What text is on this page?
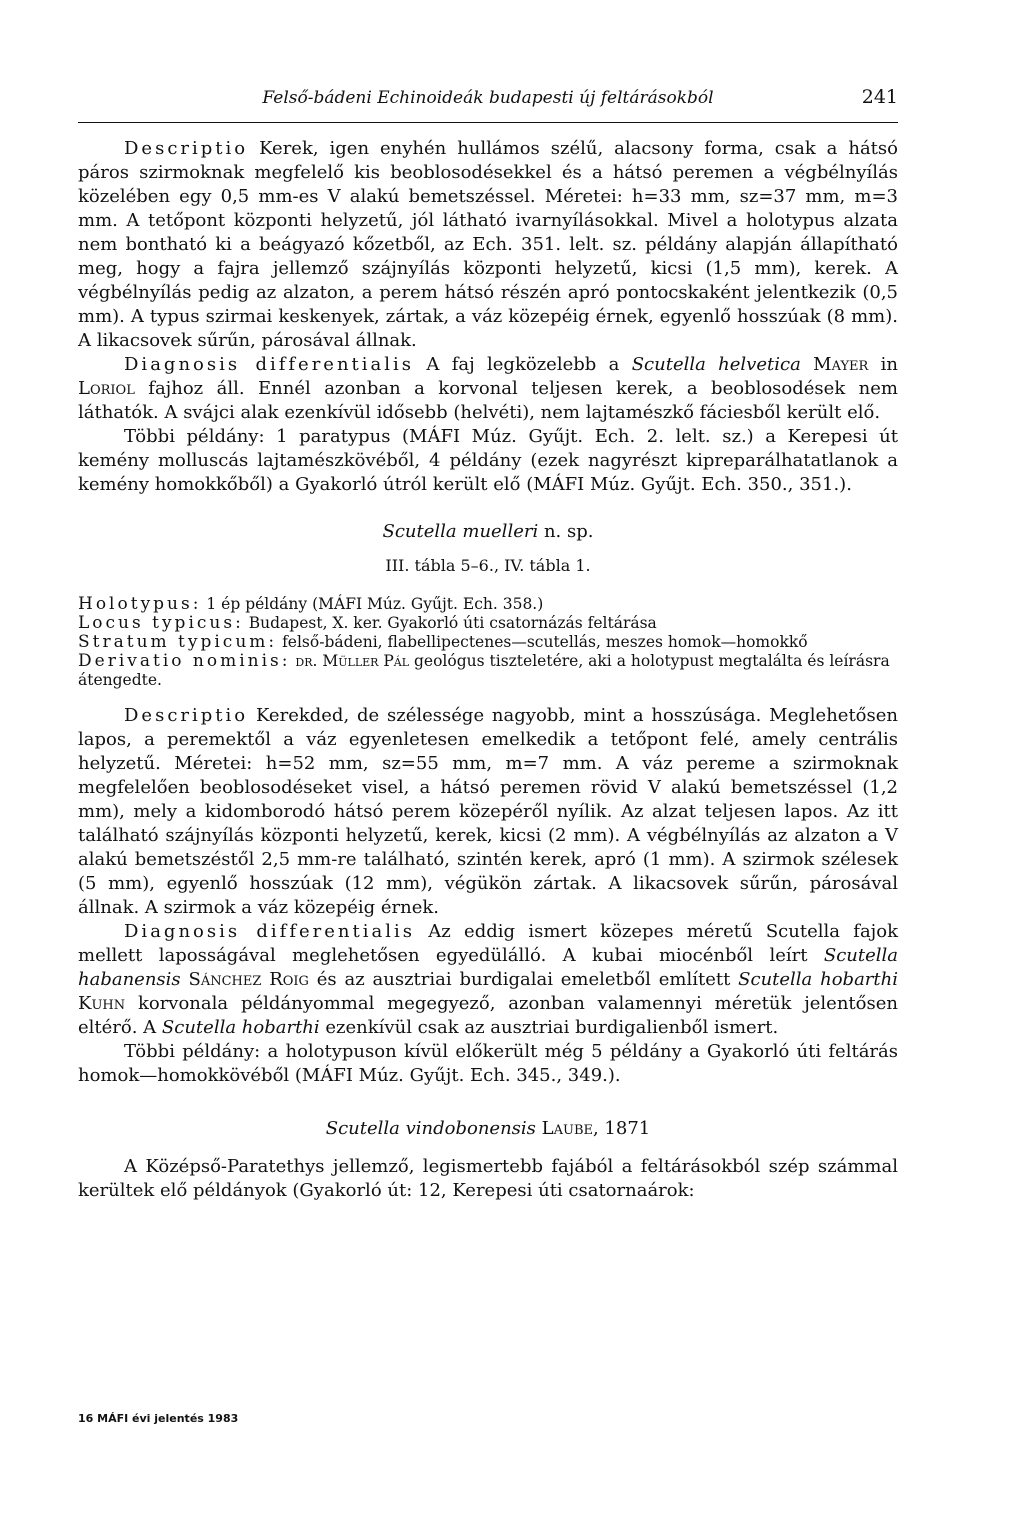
Felső-bádeni Echinoideák budapesti új feltárásokból	241

Descriptio Kerek, igen enyhén hullámos szélű, alacsony forma, csak a hátsó páros szirmoknak megfelelő kis beoblosodésekkel és a hátsó peremen a végbélnyílás közelében egy 0,5 mm-es V alakú bemetszéssel. Méretei: h=33 mm, sz=37 mm, m=3 mm. A tetőpont központi helyzetű, jól látható ivarnyílásokkal. Mivel a holotypus alzata nem bontható ki a beágyazó kőzetből, az Ech. 351. lelt. sz. példány alapján állapítható meg, hogy a fajra jellemző szájnyílás központi helyzetű, kicsi (1,5 mm), kerek. A végbélnyílás pedig az alzaton, a perem hátsó részén apró pontocskaként jelentkezik (0,5 mm). A typus szirmai keskenyek, zártak, a váz közepéig érnek, egyenlő hosszúak (8 mm). A likacsovek sűrűn, párosával állnak.

Diagnosis differentialis A faj legközelebb a Scutella helvetica Mayer in Loriol fajhoz áll. Ennél azonban a korvonal teljesen kerek, a beoblosodések nem láthatók. A svájci alak ezenkívül idősebb (helvéti), nem lajtamészkő fáciesből került elő.

Többi példány: 1 paratypus (MÁFI Múz. Gyűjt. Ech. 2. lelt. sz.) a Kerepesi út kemény molluscás lajtamészkövéből, 4 példány (ezek nagyrészt kipreparálhatatlanok a kemény homokkőből) a Gyakorló útról került elő (MÁFI Múz. Gyűjt. Ech. 350., 351.).

Scutella muelleri n. sp.
III. tábla 5–6., IV. tábla 1.

Holotypus: 1 ép példány (MÁFI Múz. Gyűjt. Ech. 358.)

Locus typicus: Budapest, X. ker. Gyakorló úti csatornázás feltárása

Stratum typicum: felső-bádeni, flabellipectenes—scutellás, meszes homok—homokkő

Derivatio nominis: dr. Müller Pál geológus tiszteletére, aki a holotypust megtalálta és leírásra átengedte.

Descriptio Kerekded, de szélessége nagyobb, mint a hosszúsága. Meglehetősen lapos, a peremektől a váz egyenletesen emelkedik a tetőpont felé, amely centrális helyzetű. Méretei: h=52 mm, sz=55 mm, m=7 mm. A váz pereme a szirmoknak megfelelően beoblosodéseket visel, a hátsó peremen rövid V alakú bemetszéssel (1,2 mm), mely a kidomborodó hátsó perem közepéről nyílik. Az alzat teljesen lapos. Az itt található szájnyílás központi helyzetű, kerek, kicsi (2 mm). A végbélnyílás az alzaton a V alakú bemetszéstől 2,5 mm-re található, szintén kerek, apró (1 mm). A szirmok szélesek (5 mm), egyenlő hosszúak (12 mm), végükön zártak. A likacsovek sűrűn, párosával állnak. A szirmok a váz közepéig érnek.

Diagnosis differentialis Az eddig ismert közepes méretű Scutella fajok mellett laposságával meglehetősen egyedülálló. A kubai miocénből leírt Scutella habanensis Sánchez Roig és az ausztriai burdigalai emeletből említett Scutella hobarthi Kuhn korvonala példányommal megegyező, azonban valamennyi méretük jelentősen eltérő. A Scutella hobarthi ezenkívül csak az ausztriai burdigalienből ismert.

Többi példány: a holotypuson kívül előkerült még 5 példány a Gyakorló úti feltárás homok—homokkövéből (MÁFI Múz. Gyűjt. Ech. 345., 349.).

Scutella vindobonensis Laube, 1871

A Középső-Paratethys jellemző, legismertebb fajából a feltárásokból szép számmal kerültek elő példányok (Gyakorló út: 12, Kerepesi úti csatornaárok:

16 MÁFI évi jelentés 1983
